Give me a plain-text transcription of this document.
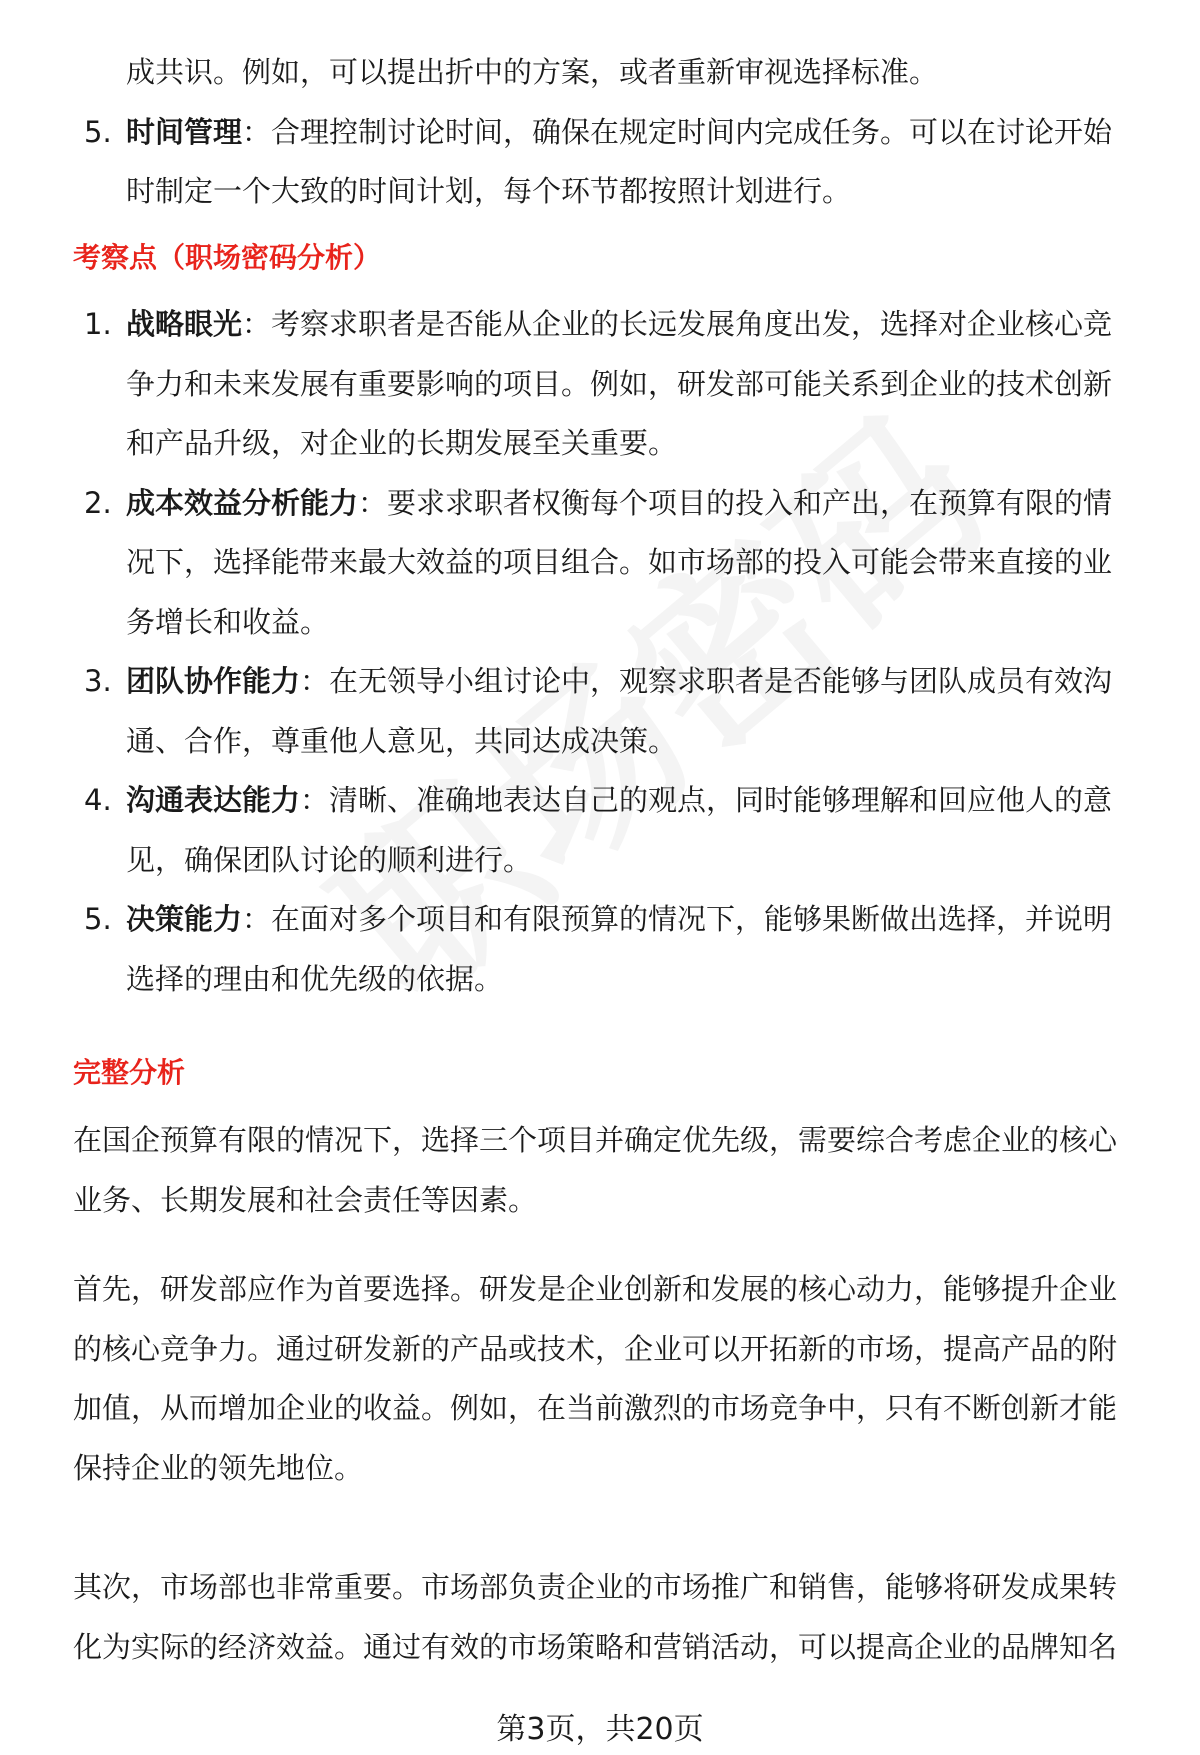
成共识。例如，可以提出折中的方案，或者重新审视选择标准。
5. 时间管理：合理控制讨论时间，确保在规定时间内完成任务。可以在讨论开始
时制定一个大致的时间计划，每个环节都按照计划进行。
考察点（职场密码分析）
1. 战略眼光：考察求职者是否能从企业的长远发展角度出发，选择对企业核心竞
争力和未来发展有重要影响的项目。例如，研发部可能关系到企业的技术创新
和产品升级，对企业的长期发展至关重要。
2. 成本效益分析能力：要求求职者权衡每个项目的投入和产出，在预算有限的情
况下，选择能带来最大效益的项目组合。如市场部的投入可能会带来直接的业
务增长和收益。
3. 团队协作能力：在无领导小组讨论中，观察求职者是否能够与团队成员有效沟
通、合作，尊重他人意见，共同达成决策。
4. 沟通表达能力：清晰、准确地表达自己的观点，同时能够理解和回应他人的意
见，确保团队讨论的顺利进行。
5. 决策能力：在面对多个项目和有限预算的情况下，能够果断做出选择，并说明
选择的理由和优先级的依据。
完整分析
在国企预算有限的情况下，选择三个项目并确定优先级，需要综合考虑企业的核心
业务、长期发展和社会责任等因素。
首先，研发部应作为首要选择。研发是企业创新和发展的核心动力，能够提升企业
的核心竞争力。通过研发新的产品或技术，企业可以开拓新的市场，提高产品的附
加值，从而增加企业的收益。例如，在当前激烈的市场竞争中，只有不断创新才能
保持企业的领先地位。
其次，市场部也非常重要。市场部负责企业的市场推广和销售，能够将研发成果转
化为实际的经济效益。通过有效的市场策略和营销活动，可以提高企业的品牌知名
第3页，共20页
